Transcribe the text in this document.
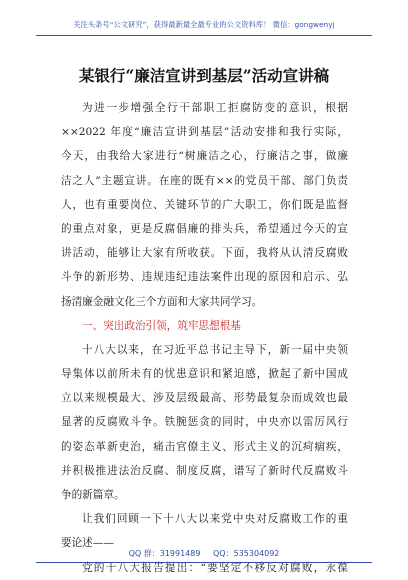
关注头条号“公文研究”，获得最新最全最专业的公文资料库！ 微信：gongwenyj
某银行“廉洁宣讲到基层”活动宣讲稿
为进一步增强全行干部职工拒腐防变的意识，根据
××2022 年度“廉洁宣讲到基层”活动安排和我行实际，
今天，由我给大家进行“树廉洁之心，行廉洁之事，做廉
洁之人”主题宣讲。在座的既有××的党员干部、部门负责
人，也有重要岗位、关键环节的广大职工，你们既是监督
的重点对象，更是反腐倡廉的排头兵，希望通过今天的宣
讲活动，能够让大家有所收获。下面，我将从认清反腐败
斗争的新形势、违规违纪违法案件出现的原因和启示、弘
扬清廉金融文化三个方面和大家共同学习。
一、突出政治引领，筑牢思想根基
十八大以来，在习近平总书记主导下，新一届中央领
导集体以前所未有的忧患意识和紧迫感，掀起了新中国成
立以来规模最大、涉及层级最高、形势最复杂而成效也最
显著的反腐败斗争。铁腕惩贪的同时，中央亦以雷厉风行
的姿态革新吏治，痛击官僚主义、形式主义的沉疴痼疾，
并积极推进法治反腐、制度反腐，谱写了新时代反腐败斗
争的新篇章。
让我们回顾一下十八大以来党中央对反腐败工作的重
要论述——
党的十八大报告提出：“要坚定不移反对腐败，永葆
QQ 群：31991489 QQ：535304092
